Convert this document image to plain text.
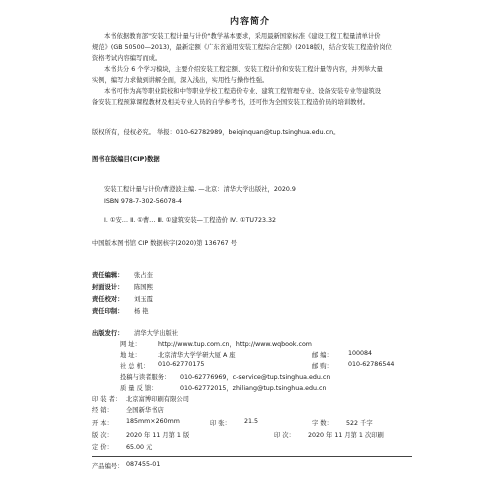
内容简介

本书依据教育部"安装工程计量与计价"教学基本要求，采用最新国家标准《建设工程工程量清单计价

规范》(GB 50500—2013)，最新定额《广东省通用安装工程综合定额》(2018版)，结合安装工程造价岗位

资格考试内容编写而成。

本书共分 6 个学习模块，主要介绍安装工程定额、安装工程计价和安装工程计量等内容，并列举大量

实例，编写力求做到讲解全面，深入浅出，实用性与操作性强。

本书可作为高等职业院校和中等职业学校工程造价专业、建筑工程管理专业、设备安装专业等建筑设

备安装工程预算课程教材及相关专业人员的自学参考书，还可作为全国安装工程造价员的培训教材。

版权所有，侵权必究。 举报：010-62782989，beiqinquan@tup.tsinghua.edu.cn。
图书在版编目(CIP)数据
安装工程计量与计价/曹澄波主编. —北京：清华大学出版社，2020.9
ISBN 978-7-302-56078-4
Ⅰ. ①安… Ⅱ. ①曹… Ⅲ. ①建筑安装—工程造价 Ⅳ. ①TU723.32
中国版本图书馆 CIP 数据核字(2020)第 136767 号
责任编辑： 张占奎
封面设计： 陈国熙
责任校对： 刘玉霞
责任印制： 杨 艳
出版发行： 清华大学出版社
网 址：	http://www.tup.com.cn，http://www.wqbook.com
地 址：	北京清华大学学研大厦 A 座	邮 编： 100084
社 总 机： 010-62770175	邮 购： 010-62786544
投稿与读者服务： 010-62776969，c-service@tup.tsinghua.edu.cn
质 量 反 馈：	010-62772015，zhiliang@tup.tsinghua.edu.cn
印 装 者： 北京富博印刷有限公司
经 销： 全国新华书店
开 本： 185mm×260mm	印 张： 21.5	字 数： 522 千字
版 次： 2020 年 11 月第 1 版	印 次： 2020 年 11 月第 1 次印刷
定 价： 65.00 元
产品编号： 087455-01
